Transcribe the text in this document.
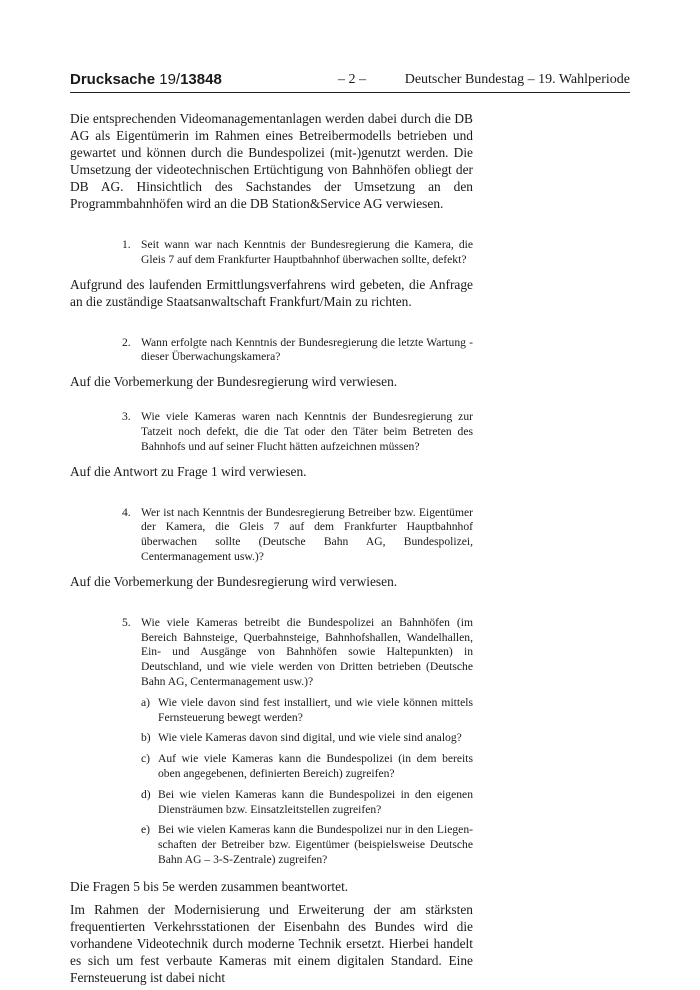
Drucksache 19/13848	– 2 –	Deutscher Bundestag – 19. Wahlperiode

Die entsprechenden Videomanagementanlagen werden dabei durch die DB AG als Eigentümerin im Rahmen eines Betreibermodells betrieben und gewartet und können durch die Bundespolizei (mit-)genutzt werden. Die Umsetzung der videotechnischen Ertüchtigung von Bahnhöfen obliegt der DB AG. Hinsichtlich des Sachstandes der Umsetzung an den Programmbahnhöfen wird an die DB Station&Service AG verwiesen.

1. Seit wann war nach Kenntnis der Bundesregierung die Kamera, die Gleis 7 auf dem Frankfurter Hauptbahnhof überwachen sollte, defekt?

Aufgrund des laufenden Ermittlungsverfahrens wird gebeten, die Anfrage an die zuständige Staatsanwaltschaft Frankfurt/Main zu richten.

2. Wann erfolgte nach Kenntnis der Bundesregierung die letzte Wartung - dieser Überwachungskamera?

Auf die Vorbemerkung der Bundesregierung wird verwiesen.

3. Wie viele Kameras waren nach Kenntnis der Bundesregierung zur Tatzeit noch defekt, die die Tat oder den Täter beim Betreten des Bahnhofs und auf seiner Flucht hätten aufzeichnen müssen?

Auf die Antwort zu Frage 1 wird verwiesen.

4. Wer ist nach Kenntnis der Bundesregierung Betreiber bzw. Eigentümer der Kamera, die Gleis 7 auf dem Frankfurter Hauptbahnhof überwachen sollte (Deutsche Bahn AG, Bundespolizei, Centermanagement usw.)?

Auf die Vorbemerkung der Bundesregierung wird verwiesen.

5. Wie viele Kameras betreibt die Bundespolizei an Bahnhöfen (im Bereich Bahnsteige, Querbahnsteige, Bahnhofshallen, Wandelhallen, Ein- und Ausgänge von Bahnhöfen sowie Haltepunkten) in Deutschland, und wie viele werden von Dritten betrieben (Deutsche Bahn AG, Centermanagement usw.)?
a) Wie viele davon sind fest installiert, und wie viele können mittels Fernsteuerung bewegt werden?
b) Wie viele Kameras davon sind digital, und wie viele sind analog?
c) Auf wie viele Kameras kann die Bundespolizei (in dem bereits oben angegebenen, definierten Bereich) zugreifen?
d) Bei wie vielen Kameras kann die Bundespolizei in den eigenen Diensträumen bzw. Einsatzleitstellen zugreifen?
e) Bei wie vielen Kameras kann die Bundespolizei nur in den Liegenschaften der Betreiber bzw. Eigentümer (beispielsweise Deutsche Bahn AG – 3-S-Zentrale) zugreifen?

Die Fragen 5 bis 5e werden zusammen beantwortet.

Im Rahmen der Modernisierung und Erweiterung der am stärksten frequentierten Verkehrsstationen der Eisenbahn des Bundes wird die vorhandene Videotechnik durch moderne Technik ersetzt. Hierbei handelt es sich um fest verbaute Kameras mit einem digitalen Standard. Eine Fernsteuerung ist dabei nicht
